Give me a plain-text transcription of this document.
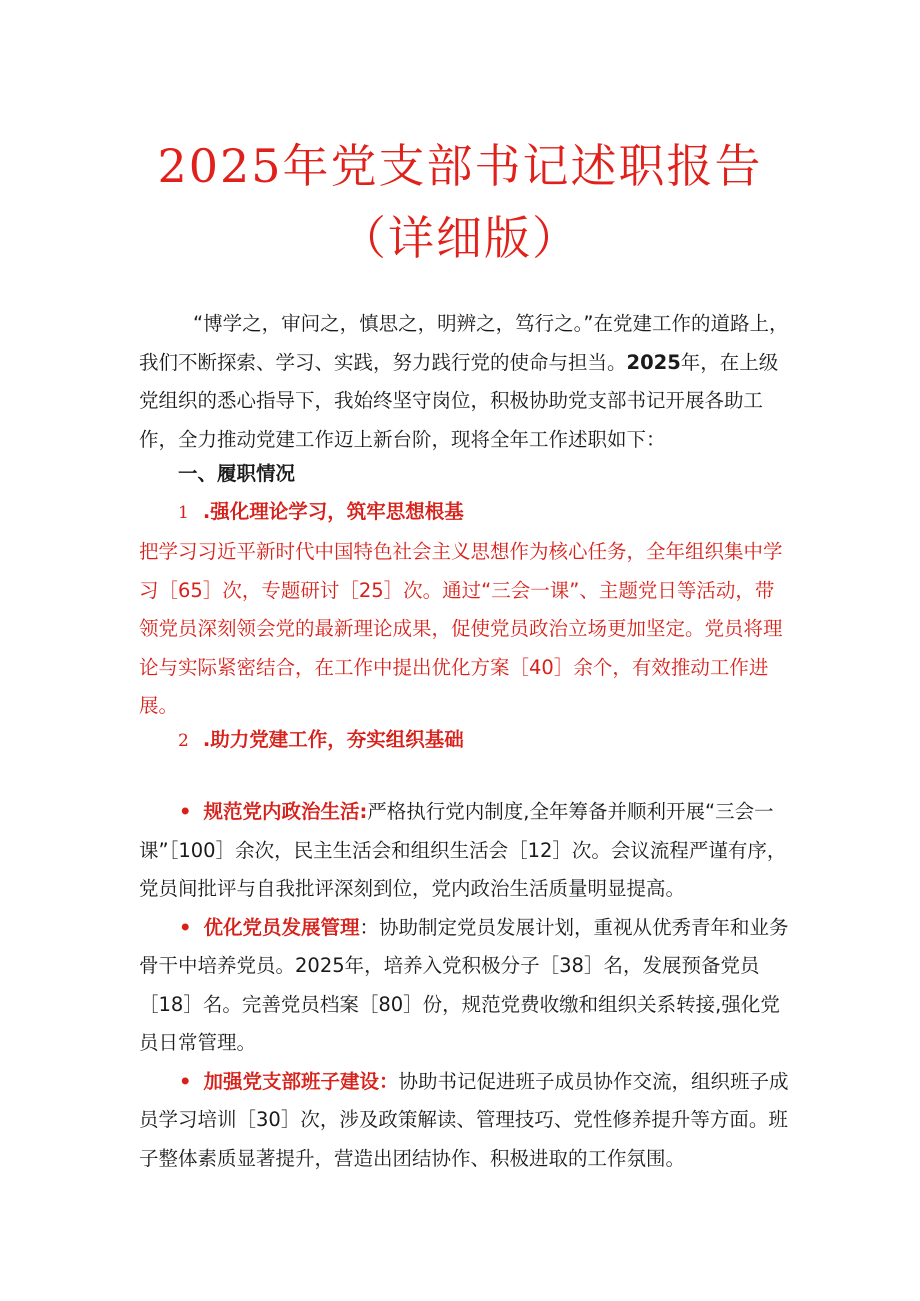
2025年党支部书记述职报告
（详细版）

“博学之，审问之，慎思之，明辨之，笃行之。”在党建工作的道路上，我们不断探索、学习、实践，努力践行党的使命与担当。2025年，在上级党组织的悉心指导下，我始终坚守岗位，积极协助党支部书记开展各助工作，全力推动党建工作迈上新台阶，现将全年工作述职如下：

一、履职情况

1 .强化理论学习，筑牢思想根基

把学习习近平新时代中国特色社会主义思想作为核心任务，全年组织集中学习［65］次，专题研讨［25］次。通过“三会一课”、主题党日等活动，带领党员深刻领会党的最新理论成果，促使党员政治立场更加坚定。党员将理论与实际紧密结合，在工作中提出优化方案［40］余个，有效推动工作进展。

2 .助力党建工作，夯实组织基础

• 规范党内政治生活:严格执行党内制度,全年筹备并顺利开展“三会一课”［100］余次，民主生活会和组织生活会［12］次。会议流程严谨有序，党员间批评与自我批评深刻到位，党内政治生活质量明显提高。

• 优化党员发展管理：协助制定党员发展计划，重视从优秀青年和业务骨干中培养党员。2025年，培养入党积极分子［38］名，发展预备党员［18］名。完善党员档案［80］份，规范党费收缴和组织关系转接,强化党员日常管理。

• 加强党支部班子建设：协助书记促进班子成员协作交流，组织班子成员学习培训［30］次，涉及政策解读、管理技巧、党性修养提升等方面。班子整体素质显著提升，营造出团结协作、积极进取的工作氛围。
